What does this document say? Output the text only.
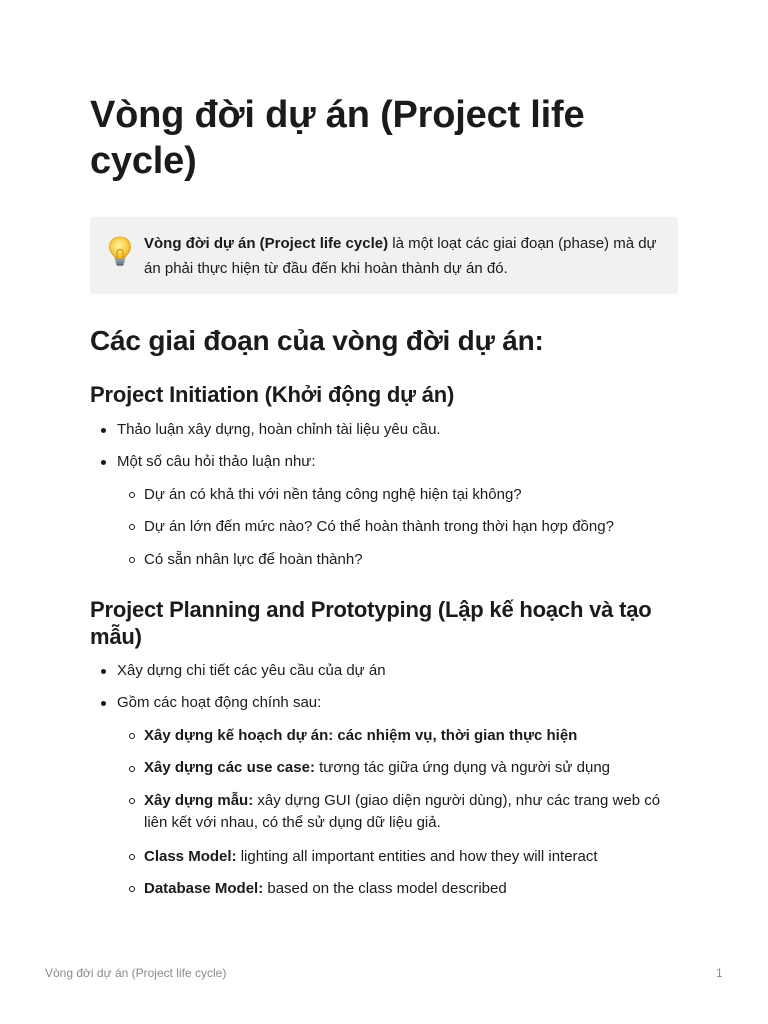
Vòng đời dự án (Project life cycle)

Vòng đời dự án (Project life cycle) là một loạt các giai đoạn (phase) mà dự án phải thực hiện từ đầu đến khi hoàn thành dự án đó.

Các giai đoạn của vòng đời dự án:
Project Initiation (Khởi động dự án)

Thảo luận xây dựng, hoàn chỉnh tài liệu yêu cầu.

Một số câu hỏi thảo luận như:

Dự án có khả thi với nền tảng công nghệ hiện tại không?

Dự án lớn đến mức nào? Có thể hoàn thành trong thời hạn hợp đồng?

Có sẵn nhân lực để hoàn thành?

Project Planning and Prototyping (Lập kế hoạch và tạo mẫu)

Xây dựng chi tiết các yêu cầu của dự án

Gồm các hoạt động chính sau:

Xây dựng kế hoạch dự án: các nhiệm vụ, thời gian thực hiện

Xây dựng các use case: tương tác giữa ứng dụng và người sử dụng

Xây dựng mẫu: xây dựng GUI (giao diện người dùng), như các trang web có liên kết với nhau, có thể sử dụng dữ liệu giả.

Class Model: lighting all important entities and how they will interact

Database Model: based on the class model described

Vòng đời dự án (Project life cycle)	1
